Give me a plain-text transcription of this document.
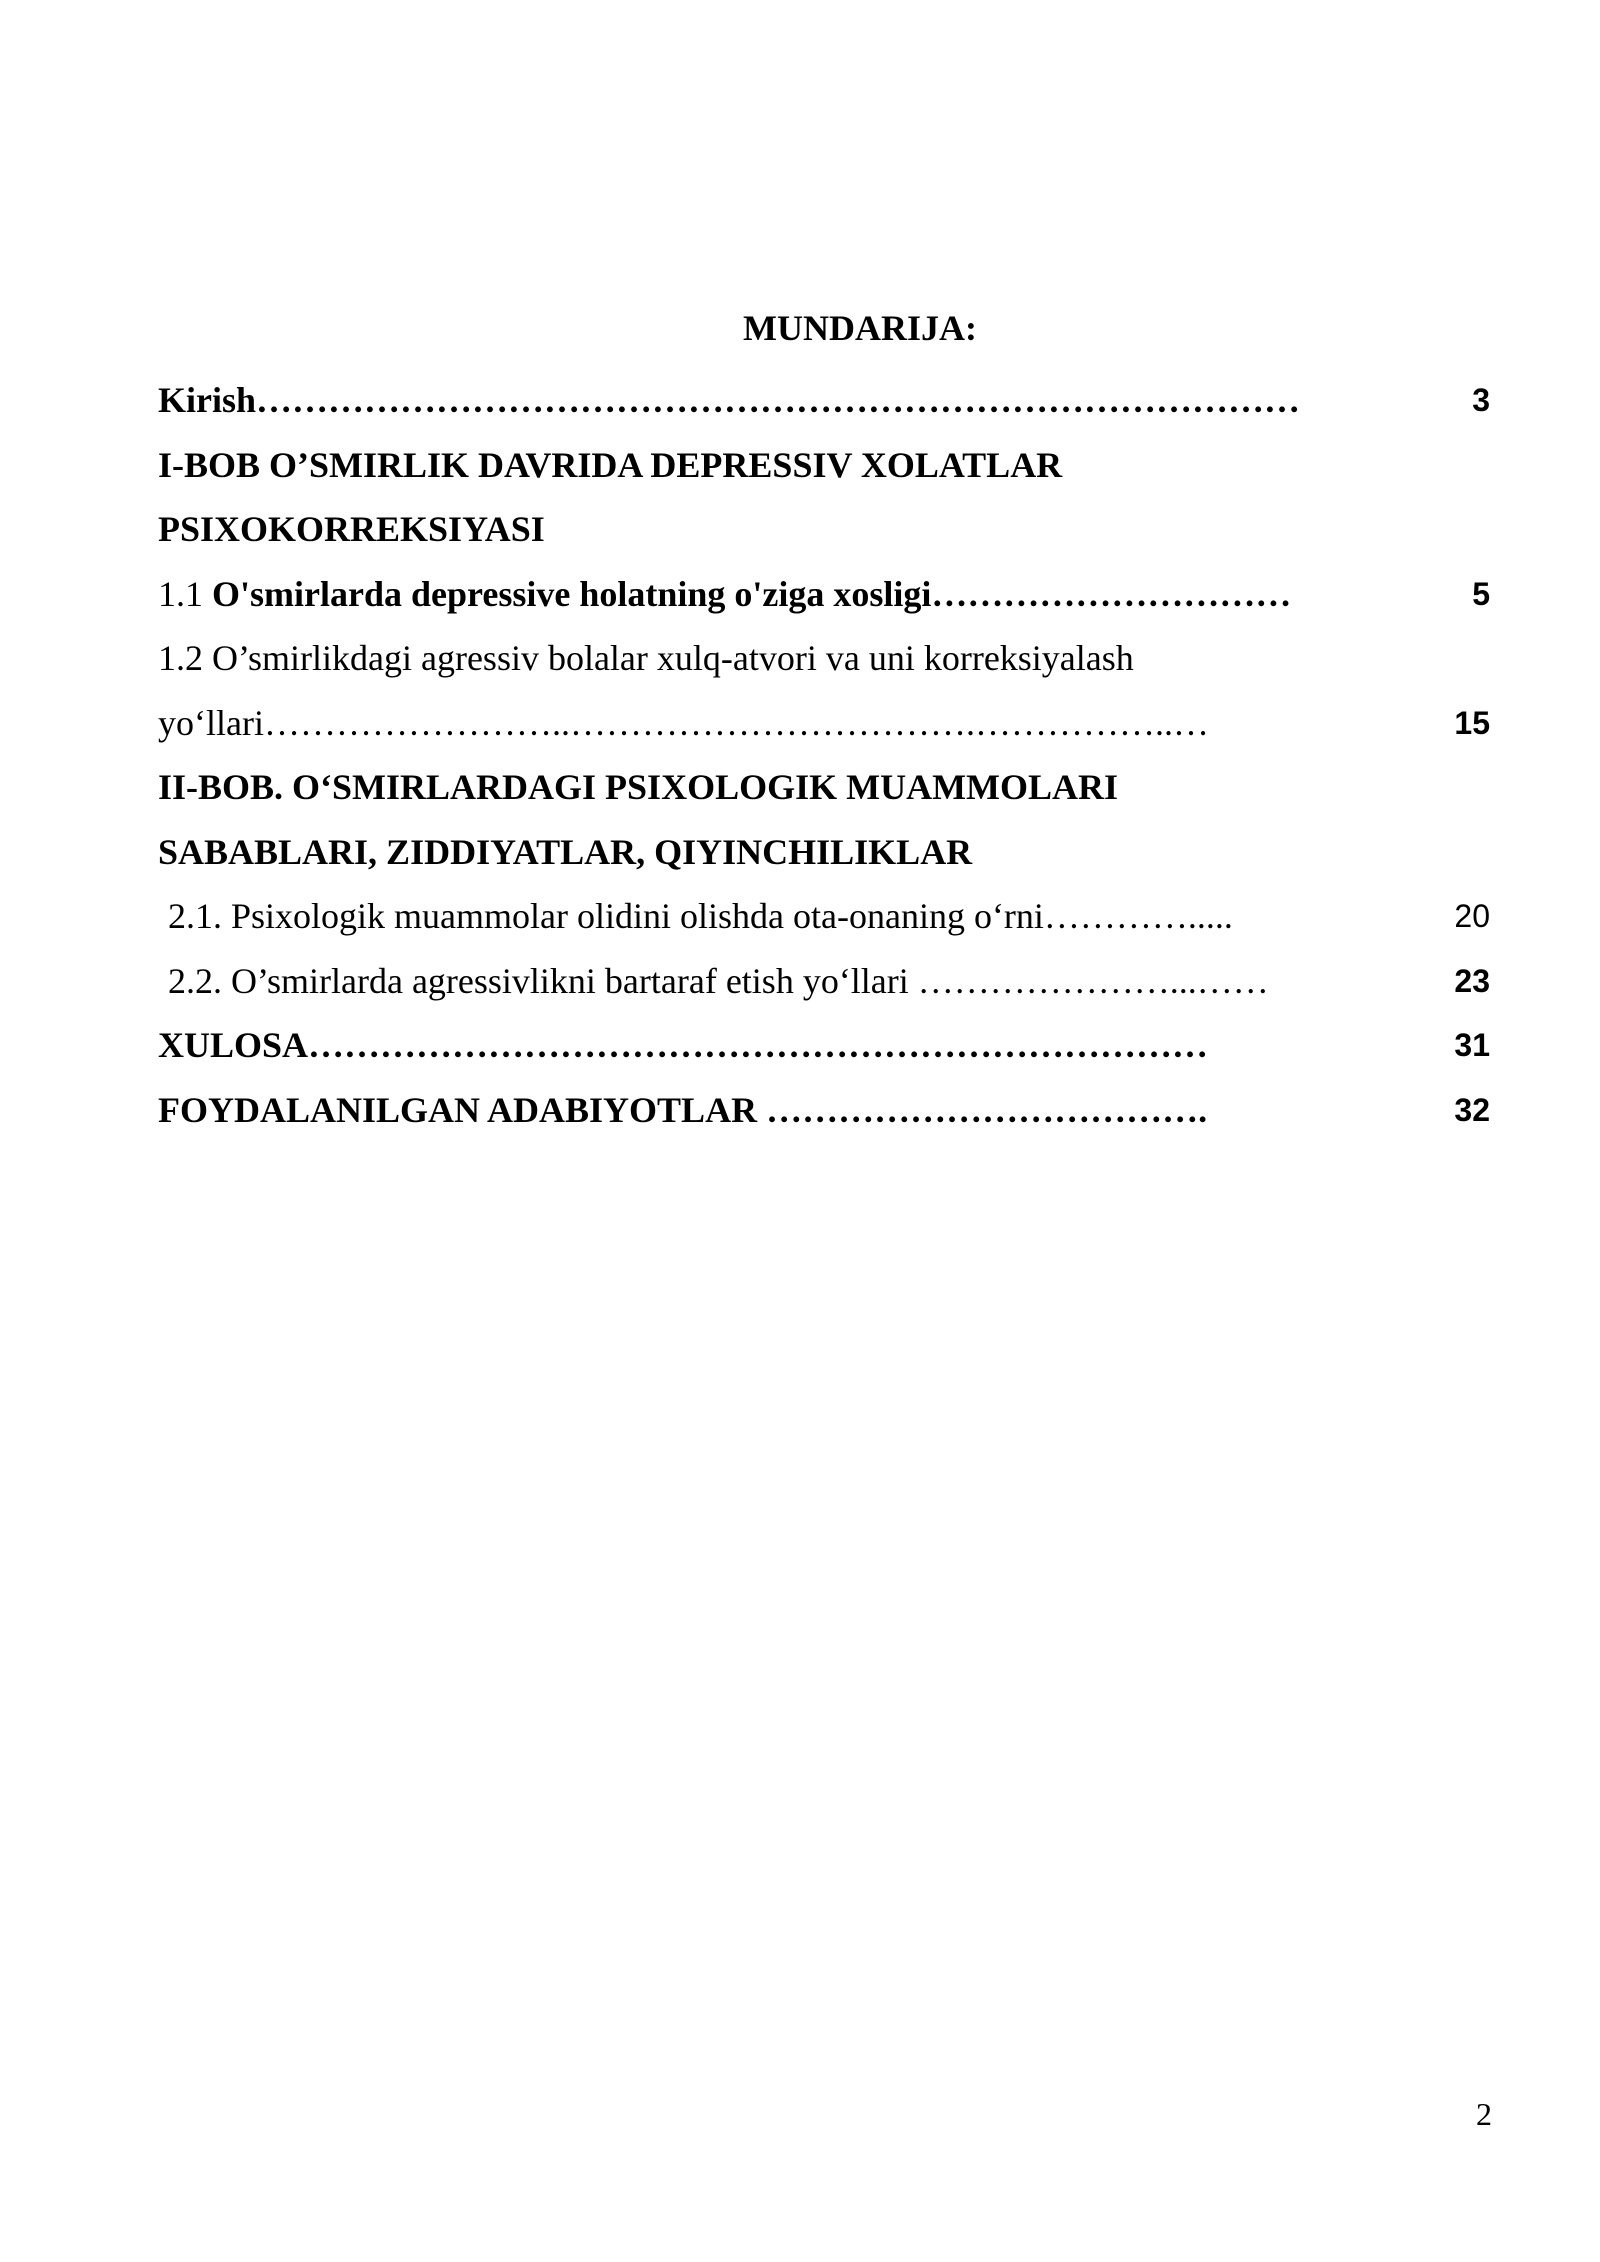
MUNDARIJA:
Kirish……………………………………………………………………………	3
I-BOB O’SMIRLIK DAVRIDA DEPRESSIV XOLATLAR
PSIXOKORREKSIYASI
1.1 O'smirlarda depressive holatning o'ziga xosligi…………………………	5
1.2 O’smirlikdagi agressiv bolalar xulq-atvori va uni korreksiyalash
yo‘llari……………………..…………………………….……………..…	15
II-BOB. O‘SMIRLARDAGI PSIXOLOGIK MUAMMOLARI
SABABLARI, ZIDDIYATLAR, QIYINCHILIKLAR
2.1. Psixologik muammolar olidini olishda ota-onaning o‘rni………….....	20
2.2. O’smirlarda agressivlikni bartaraf etish yo‘llari …………………...……	23
XULOSA…………………………………………………………………	31
FOYDALANILGAN ADABIYOTLAR ……………………………….	32
2
